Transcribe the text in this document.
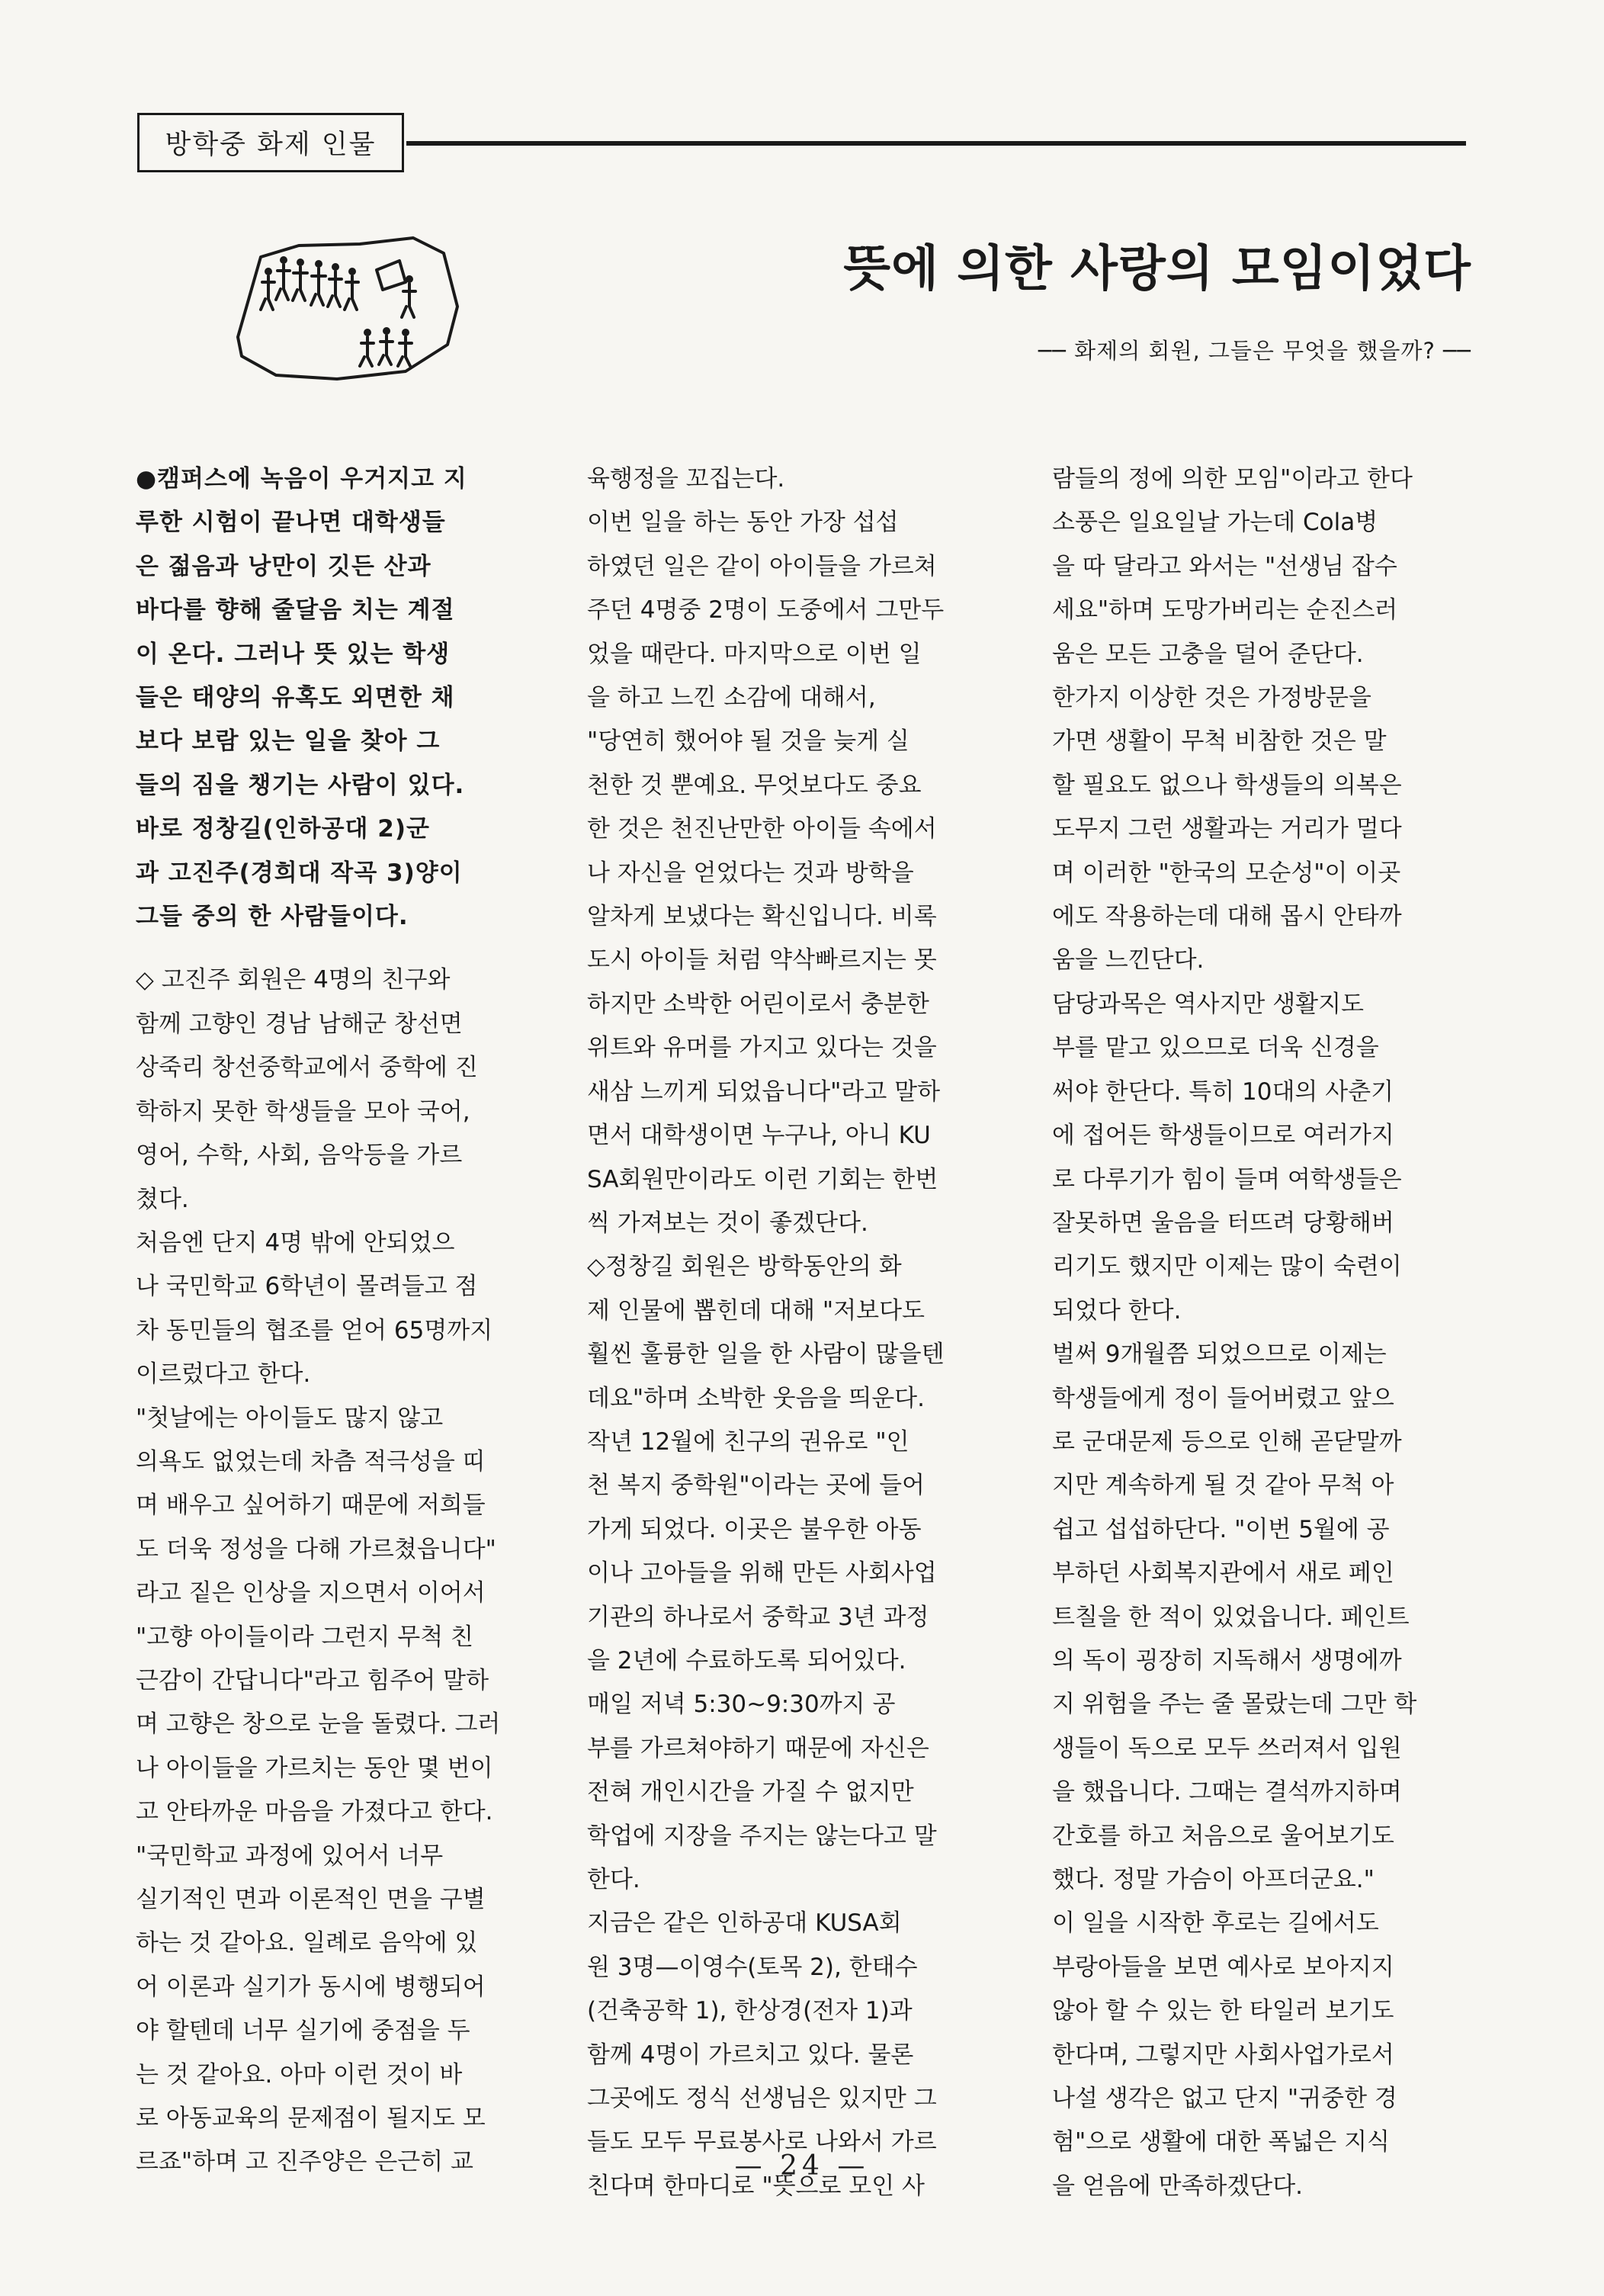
방학중 화제 인물
뜻에 의한 사랑의 모임이었다
── 화제의 회원, 그들은 무엇을 했을까? ──

●캠퍼스에 녹음이 우거지고 지

루한 시험이 끝나면 대학생들

은 젊음과 낭만이 깃든 산과

바다를 향해 줄달음 치는 계절

이 온다. 그러나 뜻 있는 학생

들은 태양의 유혹도 외면한 채

보다 보람 있는 일을 찾아 그

들의 짐을 챙기는 사람이 있다.

바로 정창길(인하공대 2)군

과 고진주(경희대 작곡 3)양이

그들 중의 한 사람들이다.

◇ 고진주 회원은 4명의 친구와

함께 고향인 경남 남해군 창선면

상죽리 창선중학교에서 중학에 진

학하지 못한 학생들을 모아 국어,

영어, 수학, 사회, 음악등을 가르

쳤다.

처음엔 단지 4명 밖에 안되었으

나 국민학교 6학년이 몰려들고 점

차 동민들의 협조를 얻어 65명까지

이르렀다고 한다.

"첫날에는 아이들도 많지 않고

의욕도 없었는데 차츰 적극성을 띠

며 배우고 싶어하기 때문에 저희들

도 더욱 정성을 다해 가르쳤읍니다"

라고 짙은 인상을 지으면서 이어서

"고향 아이들이라 그런지 무척 친

근감이 간답니다"라고 힘주어 말하

며 고향은 창으로 눈을 돌렸다. 그러

나 아이들을 가르치는 동안 몇 번이

고 안타까운 마음을 가졌다고 한다.

"국민학교 과정에 있어서 너무

실기적인 면과 이론적인 면을 구별

하는 것 같아요. 일례로 음악에 있

어 이론과 실기가 동시에 병행되어

야 할텐데 너무 실기에 중점을 두

는 것 같아요. 아마 이런 것이 바

로 아동교육의 문제점이 될지도 모

르죠"하며 고 진주양은 은근히 교

육행정을 꼬집는다.

이번 일을 하는 동안 가장 섭섭

하였던 일은 같이 아이들을 가르쳐

주던 4명중 2명이 도중에서 그만두

었을 때란다. 마지막으로 이번 일

을 하고 느낀 소감에 대해서,

"당연히 했어야 될 것을 늦게 실

천한 것 뿐예요. 무엇보다도 중요

한 것은 천진난만한 아이들 속에서

나 자신을 얻었다는 것과 방학을

알차게 보냈다는 확신입니다. 비록

도시 아이들 처럼 약삭빠르지는 못

하지만 소박한 어린이로서 충분한

위트와 유머를 가지고 있다는 것을

새삼 느끼게 되었읍니다"라고 말하

면서 대학생이면 누구나, 아니 KU

SA회원만이라도 이런 기회는 한번

씩 가져보는 것이 좋겠단다.

◇정창길 회원은 방학동안의 화

제 인물에 뽑힌데 대해 "저보다도

훨씬 훌륭한 일을 한 사람이 많을텐

데요"하며 소박한 웃음을 띄운다.

작년 12월에 친구의 권유로 "인

천 복지 중학원"이라는 곳에 들어

가게 되었다. 이곳은 불우한 아동

이나 고아들을 위해 만든 사회사업

기관의 하나로서 중학교 3년 과정

을 2년에 수료하도록 되어있다.

매일 저녁 5:30~9:30까지 공

부를 가르쳐야하기 때문에 자신은

전혀 개인시간을 가질 수 없지만

학업에 지장을 주지는 않는다고 말

한다.

지금은 같은 인하공대 KUSA회

원 3명—이영수(토목 2), 한태수

(건축공학 1), 한상경(전자 1)과

함께 4명이 가르치고 있다. 물론

그곳에도 정식 선생님은 있지만 그

들도 모두 무료봉사로 나와서 가르

친다며 한마디로 "뜻으로 모인 사

람들의 정에 의한 모임"이라고 한다

소풍은 일요일날 가는데 Cola병

을 따 달라고 와서는 "선생님 잡수

세요"하며 도망가버리는 순진스러

움은 모든 고충을 덜어 준단다.

한가지 이상한 것은 가정방문을

가면 생활이 무척 비참한 것은 말

할 필요도 없으나 학생들의 의복은

도무지 그런 생활과는 거리가 멀다

며 이러한 "한국의 모순성"이 이곳

에도 작용하는데 대해 몹시 안타까

움을 느낀단다.

담당과목은 역사지만 생활지도

부를 맡고 있으므로 더욱 신경을

써야 한단다. 특히 10대의 사춘기

에 접어든 학생들이므로 여러가지

로 다루기가 힘이 들며 여학생들은

잘못하면 울음을 터뜨려 당황해버

리기도 했지만 이제는 많이 숙련이

되었다 한다.

벌써 9개월쯤 되었으므로 이제는

학생들에게 정이 들어버렸고 앞으

로 군대문제 등으로 인해 곧닫말까

지만 계속하게 될 것 같아 무척 아

쉽고 섭섭하단다. "이번 5월에 공

부하던 사회복지관에서 새로 페인

트칠을 한 적이 있었읍니다. 페인트

의 독이 굉장히 지독해서 생명에까

지 위험을 주는 줄 몰랐는데 그만 학

생들이 독으로 모두 쓰러져서 입원

을 했읍니다. 그때는 결석까지하며

간호를 하고 처음으로 울어보기도

했다. 정말 가슴이 아프더군요."

이 일을 시작한 후로는 길에서도

부랑아들을 보면 예사로 보아지지

않아 할 수 있는 한 타일러 보기도

한다며, 그렇지만 사회사업가로서

나설 생각은 없고 단지 "귀중한 경

험"으로 생활에 대한 폭넓은 지식

을 얻음에 만족하겠단다.

— 24 —
